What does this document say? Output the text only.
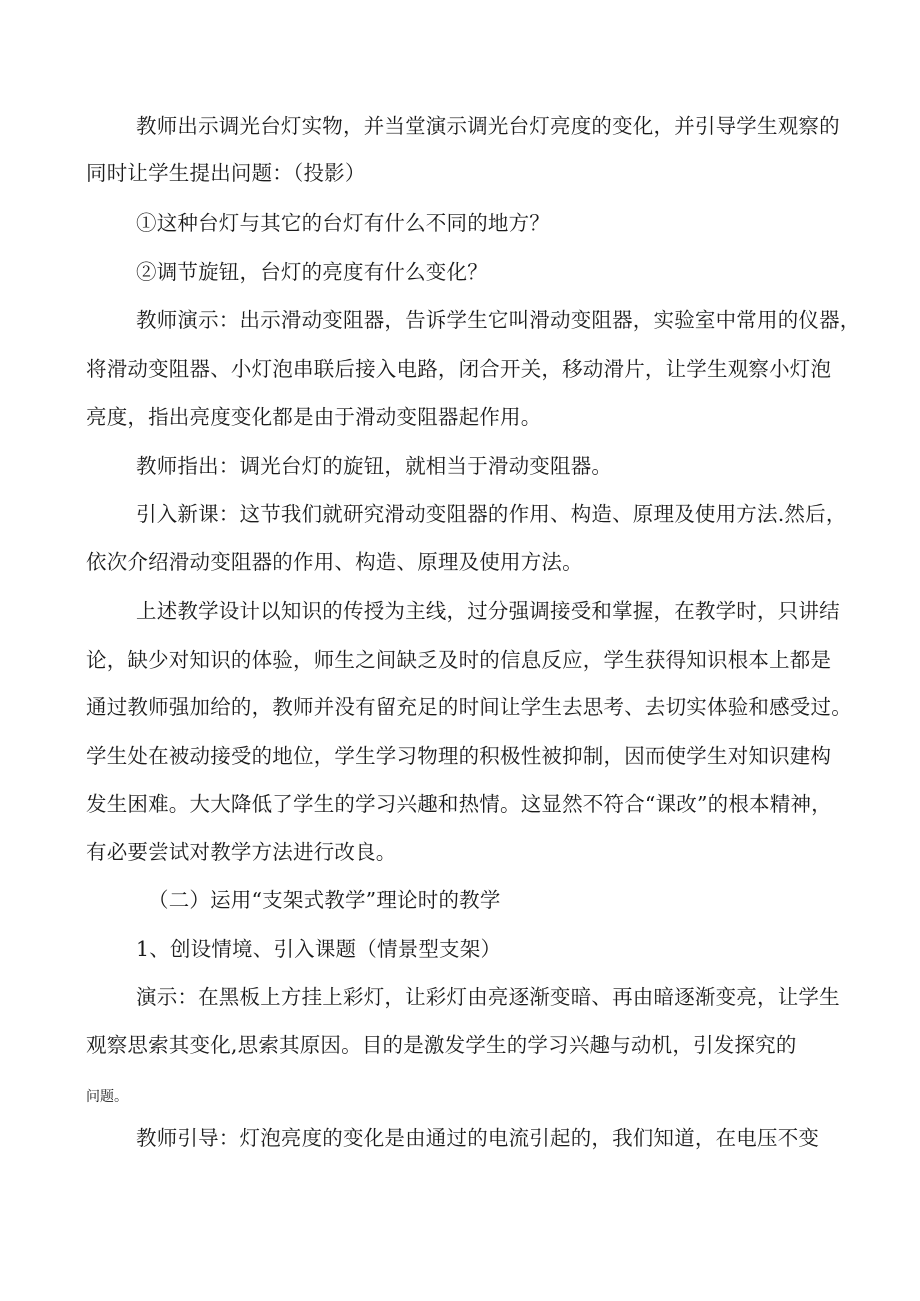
教师出示调光台灯实物，并当堂演示调光台灯亮度的变化，并引导学生观察的
同时让学生提出问题：（投影）
①这种台灯与其它的台灯有什么不同的地方？
②调节旋钮，台灯的亮度有什么变化？
教师演示：出示滑动变阻器，告诉学生它叫滑动变阻器，实验室中常用的仪器，
将滑动变阻器、小灯泡串联后接入电路，闭合开关，移动滑片，让学生观察小灯泡
亮度，指出亮度变化都是由于滑动变阻器起作用。
教师指出：调光台灯的旋钮，就相当于滑动变阻器。
引入新课：这节我们就研究滑动变阻器的作用、构造、原理及使用方法.然后，
依次介绍滑动变阻器的作用、构造、原理及使用方法。
上述教学设计以知识的传授为主线，过分强调接受和掌握，在教学时，只讲结
论，缺少对知识的体验，师生之间缺乏及时的信息反应，学生获得知识根本上都是
通过教师强加给的，教师并没有留充足的时间让学生去思考、去切实体验和感受过。
学生处在被动接受的地位，学生学习物理的积极性被抑制，因而使学生对知识建构
发生困难。大大降低了学生的学习兴趣和热情。这显然不符合“课改”的根本精神，
有必要尝试对教学方法进行改良。
（二）运用“支架式教学”理论时的教学
1、创设情境、引入课题（情景型支架）
演示：在黑板上方挂上彩灯，让彩灯由亮逐渐变暗、再由暗逐渐变亮，让学生
观察思索其变化,思索其原因。目的是激发学生的学习兴趣与动机，引发探究的
问题。
教师引导：灯泡亮度的变化是由通过的电流引起的，我们知道，在电压不变
